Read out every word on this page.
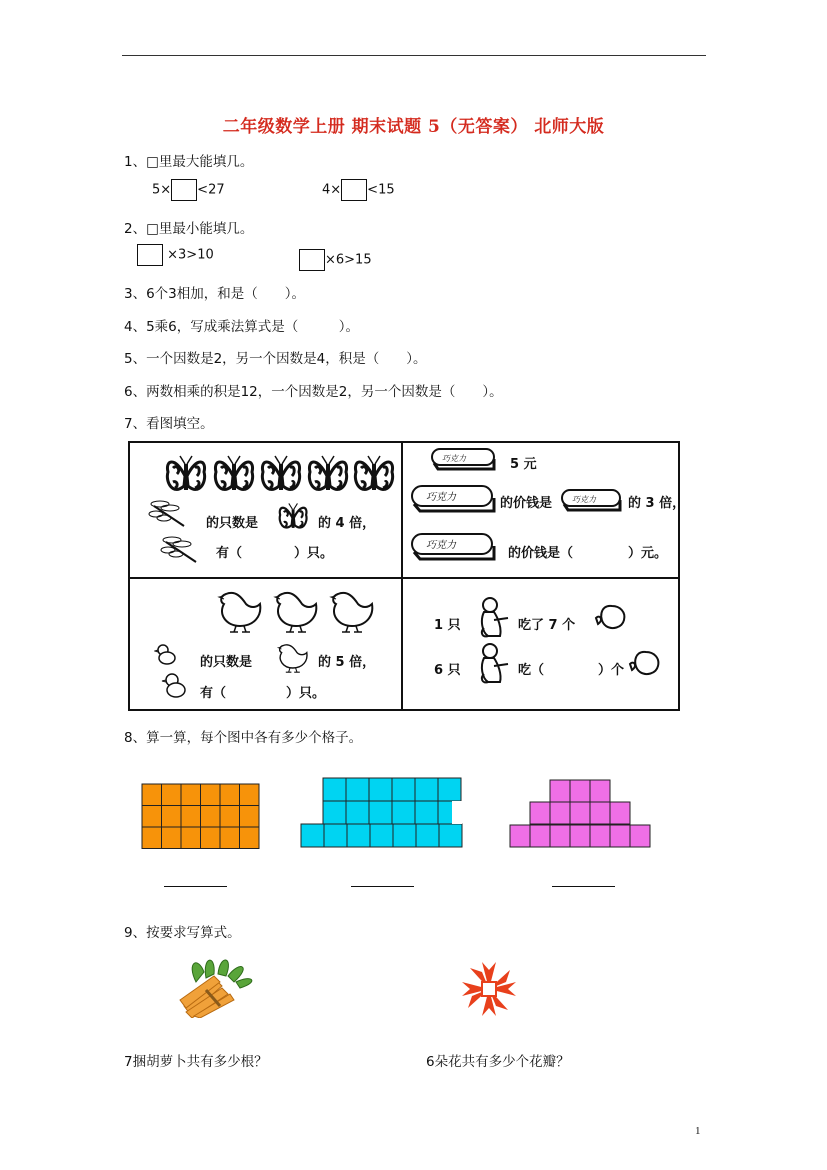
二年级数学上册 期末试题 5（无答案） 北师大版
1、□里最大能填几。
5× <27	4× <15
2、□里最小能填几。
×3>10	×6>15
3、6个3相加，和是（　　）。
4、5乘6，写成乘法算式是（　　　）。
5、一个因数是2，另一个因数是4，积是（　　）。
6、两数相乘的积是12，一个因数是2，另一个因数是（　　）。
7、看图填空。
的只数是	的 4 倍，
有（	）只。
巧克力	5 元
巧克力	的价钱是 巧克力 的 3 倍，
巧克力
的价钱是（	）元。
的只数是	的 5 倍，
有（	）只。
1 只	吃了 7 个
6 只	吃（	）个
8、算一算，每个图中各有多少个格子。
9、按要求写算式。
7捆胡萝卜共有多少根？	6朵花共有多少个花瓣？
1
